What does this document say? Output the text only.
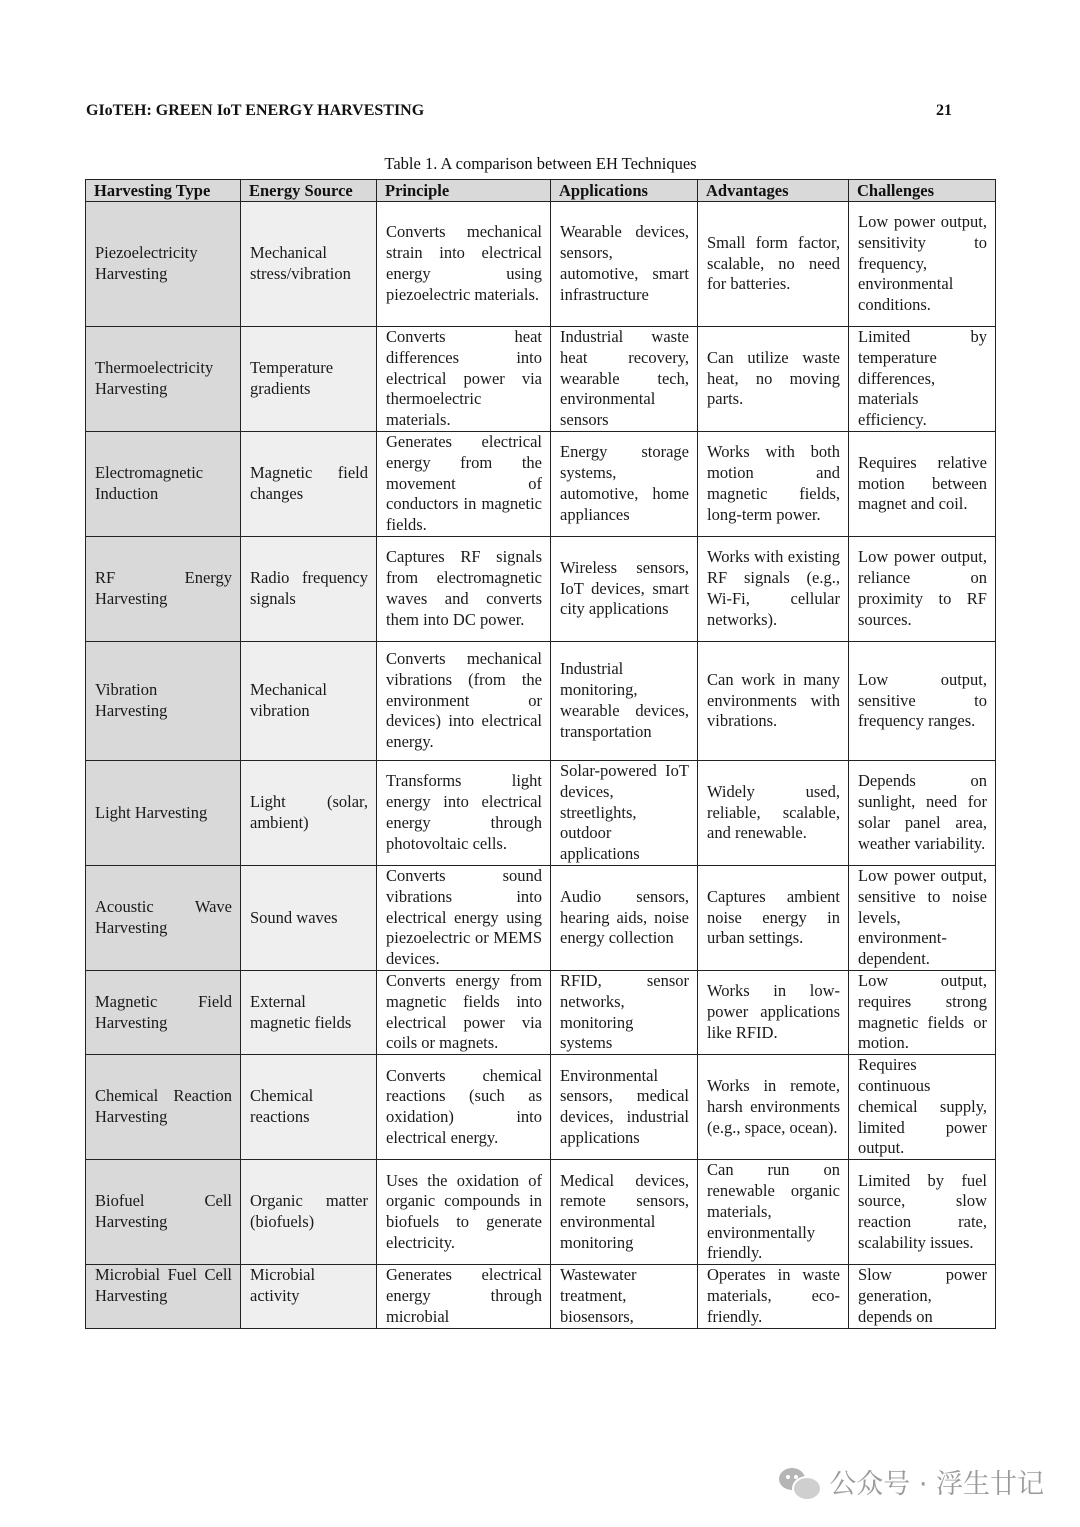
GIoTEH: GREEN IoT ENERGY HARVESTING	21
Table 1. A comparison between EH Techniques
Harvesting Type	Energy Source	Principle	Applications	Advantages	Challenges
Piezoelectricity Harvesting	Mechanical stress/vibration	Converts mechanical strain into electrical energy using piezoelectric materials.	Wearable devices, sensors, automotive, smart infrastructure	Small form factor, scalable, no need for batteries.	Low power output, sensitivity to frequency, environmental conditions.
Thermoelectricity Harvesting	Temperature gradients	Converts heat differences into electrical power via thermoelectric materials.	Industrial waste heat recovery, wearable tech, environmental sensors	Can utilize waste heat, no moving parts.	Limited by temperature differences, materials efficiency.
Electromagnetic Induction	Magnetic field changes	Generates electrical energy from the movement of conductors in magnetic fields.	Energy storage systems, automotive, home appliances	Works with both motion and magnetic fields, long-term power.	Requires relative motion between magnet and coil.
RF Energy Harvesting	Radio frequency signals	Captures RF signals from electromagnetic waves and converts them into DC power.	Wireless sensors, IoT devices, smart city applications	Works with existing RF signals (e.g., Wi-Fi, cellular networks).	Low power output, reliance on proximity to RF sources.
Vibration Harvesting	Mechanical vibration	Converts mechanical vibrations (from the environment or devices) into electrical energy.	Industrial monitoring, wearable devices, transportation	Can work in many environments with vibrations.	Low output, sensitive to frequency ranges.
Light Harvesting	Light (solar, ambient)	Transforms light energy into electrical energy through photovoltaic cells.	Solar-powered IoT devices, streetlights, outdoor applications	Widely used, reliable, scalable, and renewable.	Depends on sunlight, need for solar panel area, weather variability.
Acoustic Wave Harvesting	Sound waves	Converts sound vibrations into electrical energy using piezoelectric or MEMS devices.	Audio sensors, hearing aids, noise energy collection	Captures ambient noise energy in urban settings.	Low power output, sensitive to noise levels, environment-dependent.
Magnetic Field Harvesting	External magnetic fields	Converts energy from magnetic fields into electrical power via coils or magnets.	RFID, sensor networks, monitoring systems	Works in low-power applications like RFID.	Low output, requires strong magnetic fields or motion.
Chemical Reaction Harvesting	Chemical reactions	Converts chemical reactions (such as oxidation) into electrical energy.	Environmental sensors, medical devices, industrial applications	Works in remote, harsh environments (e.g., space, ocean).	Requires continuous chemical supply, limited power output.
Biofuel Cell Harvesting	Organic matter (biofuels)	Uses the oxidation of organic compounds in biofuels to generate electricity.	Medical devices, remote sensors, environmental monitoring	Can run on renewable organic materials, environmentally friendly.	Limited by fuel source, slow reaction rate, scalability issues.
Microbial Fuel Cell Harvesting	Microbial activity	Generates electrical energy through microbial	Wastewater treatment, biosensors,	Operates in waste materials, eco-friendly.	Slow power generation, depends on
公众号 · 浮生廿记
